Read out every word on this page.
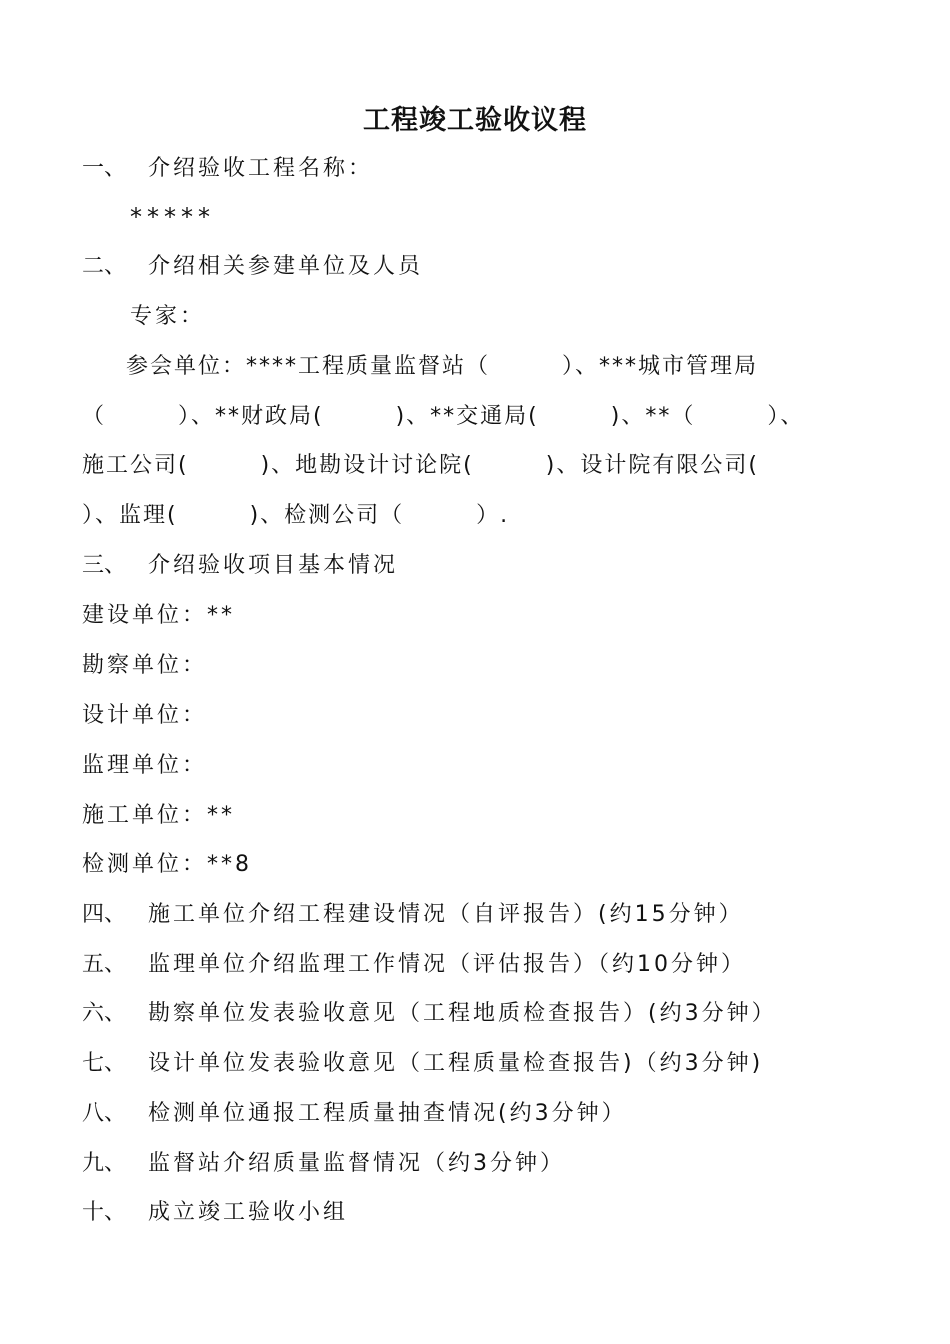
工程竣工验收议程
一、 介绍验收工程名称：
*****
二、 介绍相关参建单位及人员
专家：
参会单位：****工程质量监督站（　　　）、***城市管理局
（　　　）、**财政局(　　　)、**交通局(　　　)、**（　　　）、
施工公司(　　　)、地勘设计讨论院(　　　)、设计院有限公司(
）、监理(　　　)、检测公司（　　　）.
三、 介绍验收项目基本情况
建设单位：**
勘察单位：
设计单位：
监理单位：
施工单位：**
检测单位：**8
四、 施工单位介绍工程建设情况（自评报告）(约15分钟）
五、 监理单位介绍监理工作情况（评估报告）（约10分钟）
六、 勘察单位发表验收意见（工程地质检查报告）(约3分钟）
七、 设计单位发表验收意见（工程质量检查报告)（约3分钟)
八、 检测单位通报工程质量抽查情况(约3分钟）
九、 监督站介绍质量监督情况（约3分钟）
十、 成立竣工验收小组
